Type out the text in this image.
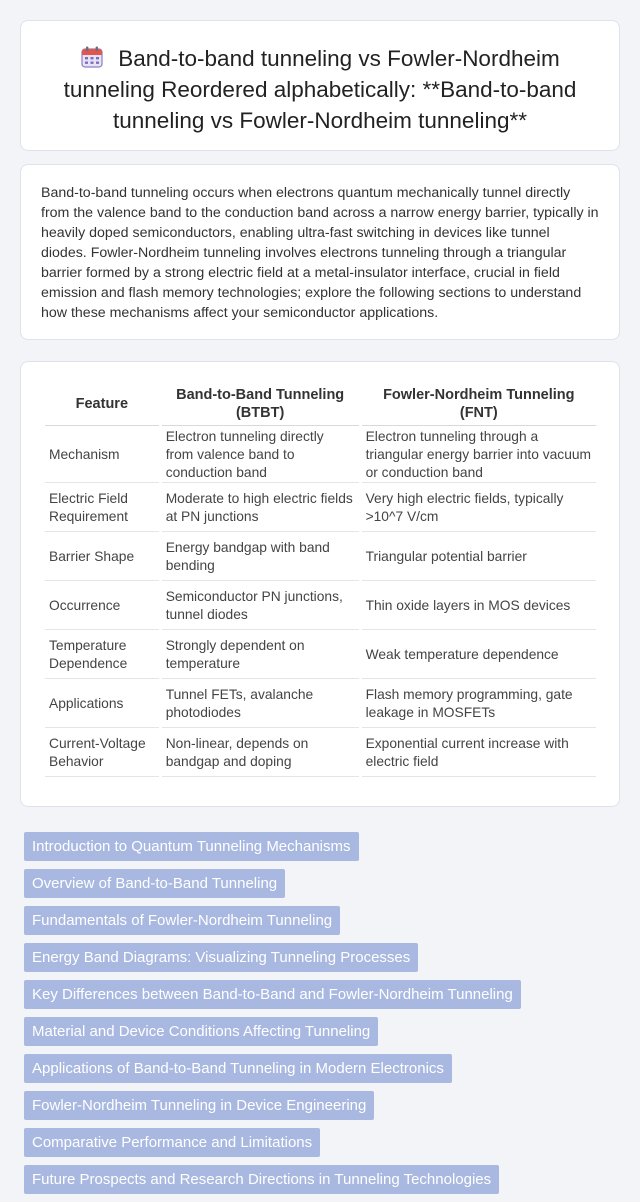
Band-to-band tunneling vs Fowler-Nordheim tunneling Reordered alphabetically: **Band-to-band tunneling vs Fowler-Nordheim tunneling**

Band-to-band tunneling occurs when electrons quantum mechanically tunnel directly from the valence band to the conduction band across a narrow energy barrier, typically in heavily doped semiconductors, enabling ultra-fast switching in devices like tunnel diodes. Fowler-Nordheim tunneling involves electrons tunneling through a triangular barrier formed by a strong electric field at a metal-insulator interface, crucial in field emission and flash memory technologies; explore the following sections to understand how these mechanisms affect your semiconductor applications.

Feature	Band-to-Band Tunneling (BTBT)	Fowler-Nordheim Tunneling (FNT)
Mechanism	Electron tunneling directly from valence band to conduction band	Electron tunneling through a triangular energy barrier into vacuum or conduction band
Electric Field Requirement	Moderate to high electric fields at PN junctions	Very high electric fields, typically >10^7 V/cm
Barrier Shape	Energy bandgap with band bending	Triangular potential barrier
Occurrence	Semiconductor PN junctions, tunnel diodes	Thin oxide layers in MOS devices
Temperature Dependence	Strongly dependent on temperature	Weak temperature dependence
Applications	Tunnel FETs, avalanche photodiodes	Flash memory programming, gate leakage in MOSFETs
Current-Voltage Behavior	Non-linear, depends on bandgap and doping	Exponential current increase with electric field
Introduction to Quantum Tunneling Mechanisms
Overview of Band-to-Band Tunneling
Fundamentals of Fowler-Nordheim Tunneling
Energy Band Diagrams: Visualizing Tunneling Processes
Key Differences between Band-to-Band and Fowler-Nordheim Tunneling
Material and Device Conditions Affecting Tunneling
Applications of Band-to-Band Tunneling in Modern Electronics
Fowler-Nordheim Tunneling in Device Engineering
Comparative Performance and Limitations
Future Prospects and Research Directions in Tunneling Technologies
